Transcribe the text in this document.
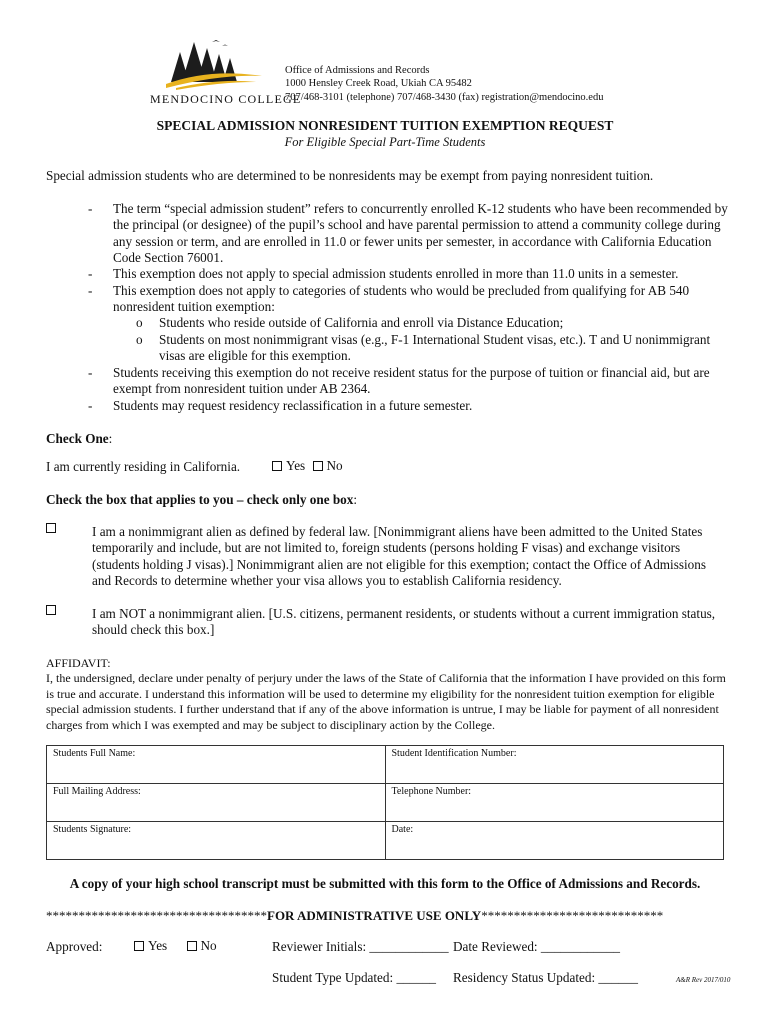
MENDOCINO COLLEGE
Office of Admissions and Records
1000 Hensley Creek Road, Ukiah CA 95482
707/468-3101 (telephone) 707/468-3430 (fax) registration@mendocino.edu
SPECIAL ADMISSION NONRESIDENT TUITION EXEMPTION REQUEST
For Eligible Special Part-Time Students
Special admission students who are determined to be nonresidents may be exempt from paying nonresident tuition.
- The term “special admission student” refers to concurrently enrolled K-12 students who have been recommended by the principal (or designee) of the pupil’s school and have parental permission to attend a community college during any session or term, and are enrolled in 11.0 or fewer units per semester, in accordance with California Education Code Section 76001.
- This exemption does not apply to special admission students enrolled in more than 11.0 units in a semester.
- This exemption does not apply to categories of students who would be precluded from qualifying for AB 540 nonresident tuition exemption:
o Students who reside outside of California and enroll via Distance Education;
o Students on most nonimmigrant visas (e.g., F-1 International Student visas, etc.). T and U nonimmigrant visas are eligible for this exemption.
- Students receiving this exemption do not receive resident status for the purpose of tuition or financial aid, but are exempt from nonresident tuition under AB 2364.
- Students may request residency reclassification in a future semester.
Check One:
I am currently residing in California.	Yes No
Check the box that applies to you – check only one box:
I am a nonimmigrant alien as defined by federal law. [Nonimmigrant aliens have been admitted to the United States temporarily and include, but are not limited to, foreign students (persons holding F visas) and exchange visitors (students holding J visas).] Nonimmigrant alien are not eligible for this exemption; contact the Office of Admissions and Records to determine whether your visa allows you to establish California residency.
I am NOT a nonimmigrant alien. [U.S. citizens, permanent residents, or students without a current immigration status, should check this box.]
AFFIDAVIT:
I, the undersigned, declare under penalty of perjury under the laws of the State of California that the information I have provided on this form is true and accurate. I understand this information will be used to determine my eligibility for the nonresident tuition exemption for eligible special admission students. I further understand that if any of the above information is untrue, I may be liable for payment of all nonresident charges from which I was exempted and may be subject to disciplinary action by the College.
Students Full Name:	Student Identification Number:
Full Mailing Address:	Telephone Number:
Students Signature:	Date:
A copy of your high school transcript must be submitted with this form to the Office of Admissions and Records.
**********************************FOR ADMINISTRATIVE USE ONLY****************************
Approved:	Yes	No	Reviewer Initials: ____________ Date Reviewed: ____________
Student Type Updated: ______ Residency Status Updated: ______	A&R Rev 2017/010
